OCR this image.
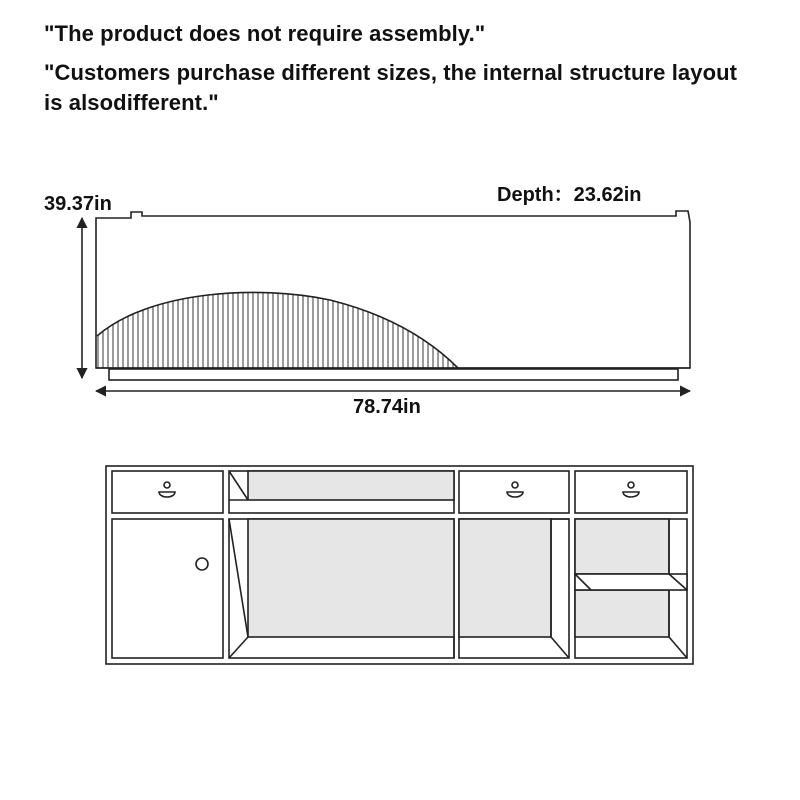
"The product does not require assembly."

"Customers purchase different sizes, the internal structure layout is alsodifferent."

39.37in	Depth：23.62in
78.74in
